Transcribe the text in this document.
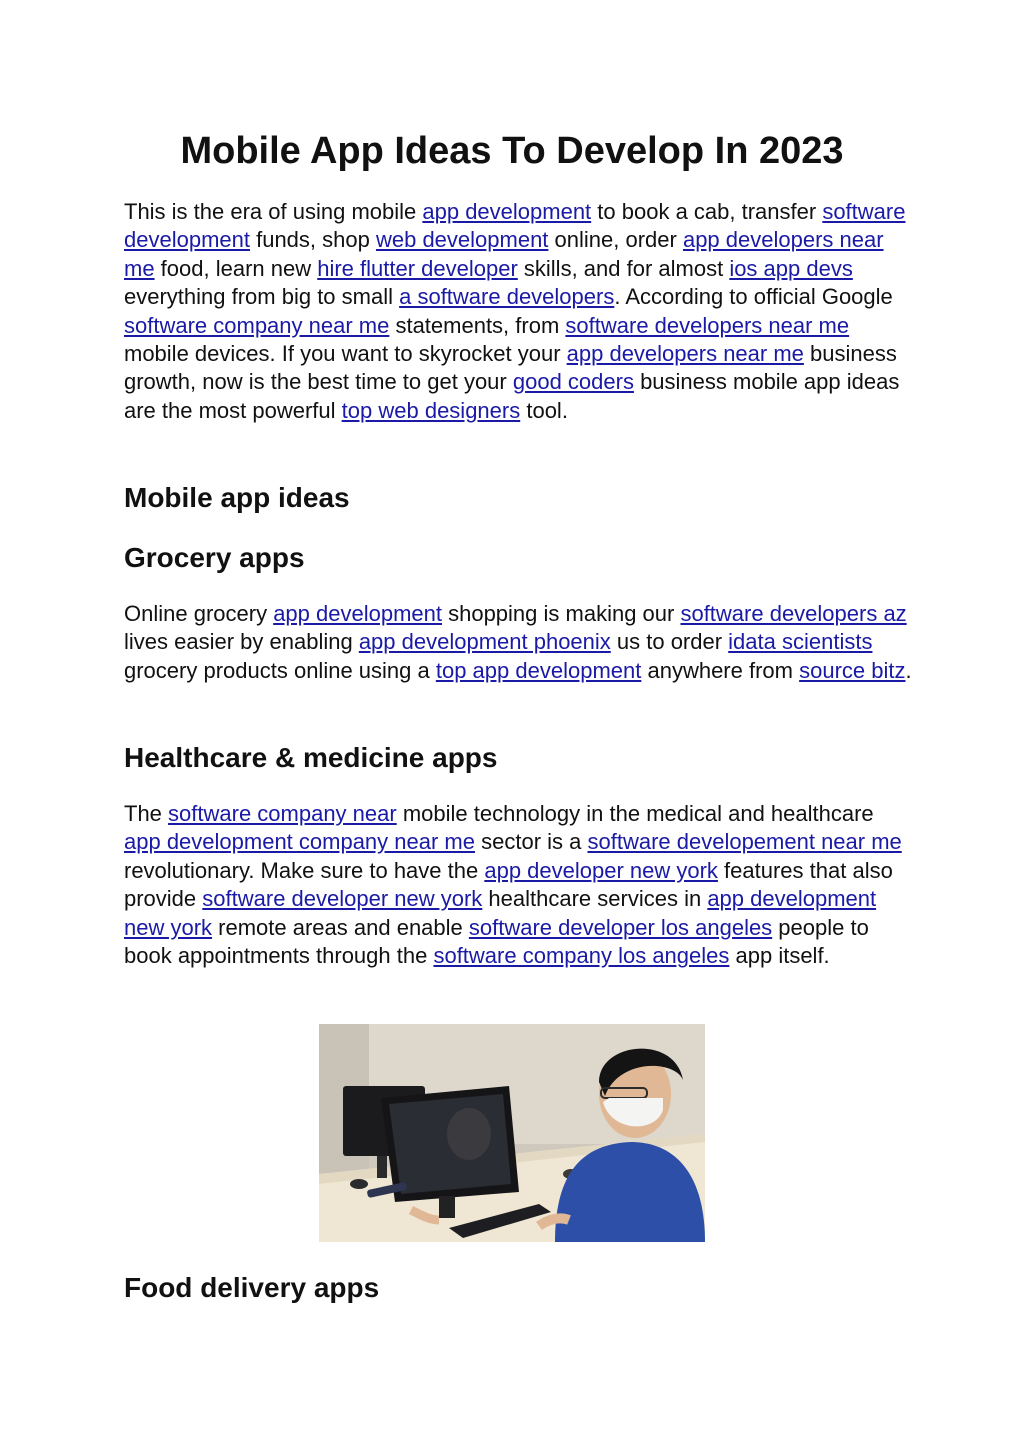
Mobile App Ideas To Develop In 2023

This is the era of using mobile app development to book a cab, transfer software development funds, shop web development online, order app developers near me food, learn new hire flutter developer skills, and for almost ios app devs everything from big to small a software developers. According to official Google software company near me statements, from software developers near me mobile devices. If you want to skyrocket your app developers near me business growth, now is the best time to get your good coders business mobile app ideas are the most powerful top web designers tool.

Mobile app ideas
Grocery apps

Online grocery app development shopping is making our software developers az lives easier by enabling app development phoenix us to order idata scientists grocery products online using a top app development anywhere from source bitz.

Healthcare & medicine apps

The software company near mobile technology in the medical and healthcare app development company near me sector is a software developement near me revolutionary. Make sure to have the app developer new york features that also provide software developer new york healthcare services in app development new york remote areas and enable software developer los angeles people to book appointments through the software company los angeles app itself.

Food delivery apps
